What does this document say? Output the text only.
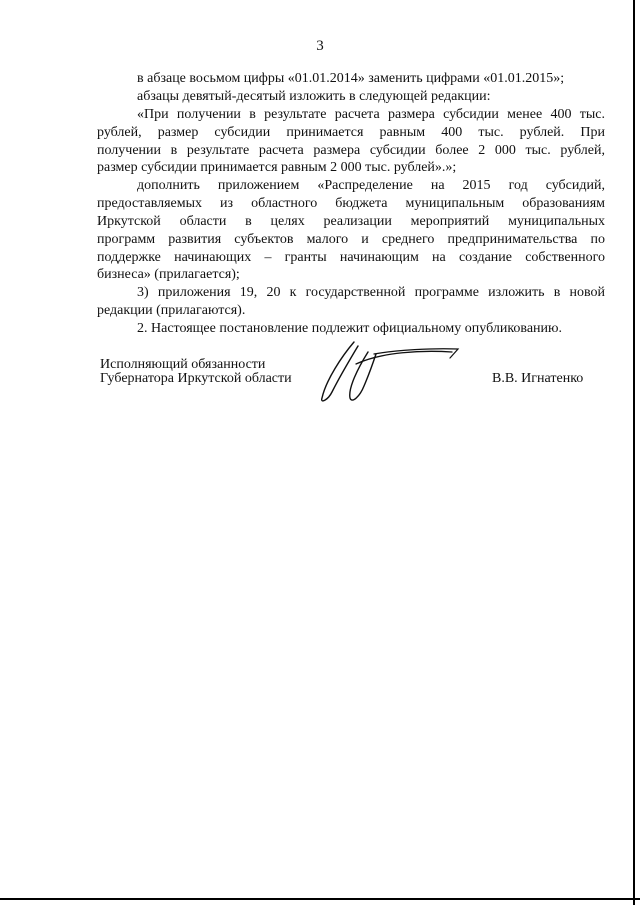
3
в абзаце восьмом цифры «01.01.2014» заменить цифрами «01.01.2015»;
абзацы девятый-десятый изложить в следующей редакции:
«При получении в результате расчета размера субсидии менее 400 тыс.
рублей, размер субсидии принимается равным 400 тыс. рублей. При
получении в результате расчета размера субсидии более 2 000 тыс. рублей,
размер субсидии принимается равным 2 000 тыс. рублей».»;
дополнить приложением «Распределение на 2015 год субсидий,
предоставляемых из областного бюджета муниципальным образованиям
Иркутской области в целях реализации мероприятий муниципальных
программ развития субъектов малого и среднего предпринимательства по
поддержке начинающих – гранты начинающим на создание собственного
бизнеса» (прилагается);
3) приложения 19, 20 к государственной программе изложить в новой
редакции (прилагаются).
2. Настоящее постановление подлежит официальному опубликованию.
Исполняющий обязанности
Губернатора Иркутской области	В.В. Игнатенко
